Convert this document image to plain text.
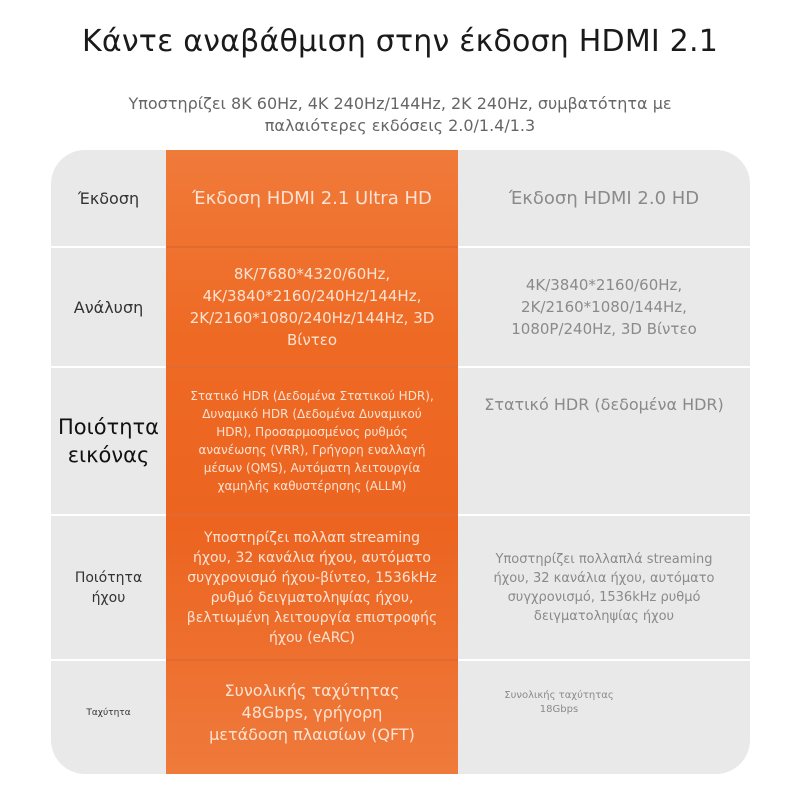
Κάντε αναβάθμιση στην έκδοση HDMI 2.1
Υποστηρίζει 8K 60Hz, 4K 240Hz/144Hz, 2K 240Hz, συμβατότητα με παλαιότερες εκδόσεις 2.0/1.4/1.3
Έκδοση	Έκδοση HDMI 2.1 Ultra HD	Έκδοση HDMI 2.0 HD
Ανάλυση
8K/7680*4320/60Hz, 4K/3840*2160/240Hz/144Hz, 2K/2160*1080/240Hz/144Hz, 3D Βίντεο
4K/3840*2160/60Hz, 2K/2160*1080/144Hz, 1080P/240Hz, 3D Βίντεο
Ποιότητα εικόνας
Στατικό HDR (Δεδομένα Στατικού HDR), Δυναμικό HDR (Δεδομένα Δυναμικού HDR), Προσαρμοσμένος ρυθμός ανανέωσης (VRR), Γρήγορη εναλλαγή μέσων (QMS), Αυτόματη λειτουργία χαμηλής καθυστέρησης (ALLM)
Στατικό HDR (δεδομένα HDR)
Ποιότητα ήχου
Υποστηρίζει πολλαπ streaming ήχου, 32 κανάλια ήχου, αυτόματο συγχρονισμό ήχου-βίντεο, 1536kHz ρυθμό δειγματοληψίας ήχου, βελτιωμένη λειτουργία επιστροφής ήχου (eARC)
Υποστηρίζει πολλαπλά streaming ήχου, 32 κανάλια ήχου, αυτόματο συγχρονισμό, 1536kHz ρυθμό δειγματοληψίας ήχου
Ταχύτητα
Συνολικής ταχύτητας 48Gbps, γρήγορη μετάδοση πλαισίων (QFT)
Συνολικής ταχύτητας 18Gbps
